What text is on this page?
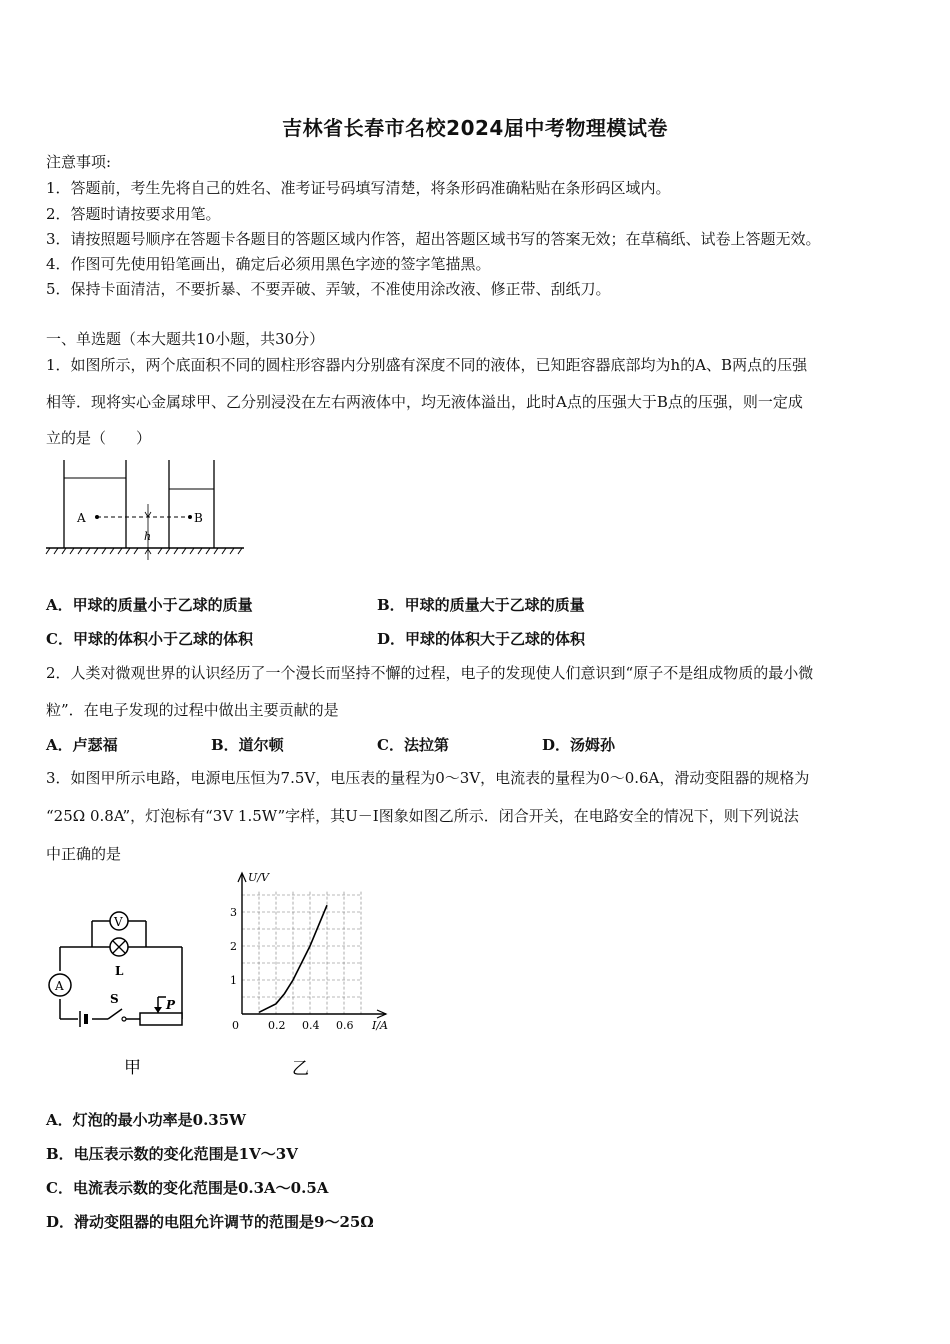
吉林省长春市名校2024届中考物理模试卷
注意事项:
1．答题前，考生先将自己的姓名、准考证号码填写清楚，将条形码准确粘贴在条形码区域内。
2．答题时请按要求用笔。
3．请按照题号顺序在答题卡各题目的答题区域内作答，超出答题区域书写的答案无效；在草稿纸、试卷上答题无效。
4．作图可先使用铅笔画出，确定后必须用黑色字迹的签字笔描黑。
5．保持卡面清洁，不要折暴、不要弄破、弄皱，不准使用涂改液、修正带、刮纸刀。
一、单选题（本大题共10小题，共30分）
1．如图所示，两个底面积不同的圆柱形容器内分别盛有深度不同的液体，已知距容器底部均为h的A、B两点的压强
相等．现将实心金属球甲、乙分别浸没在左右两液体中，均无液体溢出，此时A点的压强大于B点的压强，则一定成
立的是（　　）
A	B
h
A．甲球的质量小于乙球的质量	B．甲球的质量大于乙球的质量
C．甲球的体积小于乙球的体积	D．甲球的体积大于乙球的体积
2．人类对微观世界的认识经历了一个漫长而坚持不懈的过程，电子的发现使人们意识到“原子不是组成物质的最小微
粒”．在电子发现的过程中做出主要贡献的是
A．卢瑟福	B．道尔顿	C．法拉第	D．汤姆孙
3．如图甲所示电路，电源电压恒为7.5V，电压表的量程为0～3V，电流表的量程为0～0.6A，滑动变阻器的规格为
“25Ω 0.8A”，灯泡标有“3V 1.5W”字样，其U－I图象如图乙所示．闭合开关，在电路安全的情况下，则下列说法
中正确的是
V
L
A
S	P
甲
1
2
3
0	0.2 0.4 0.6
U/V
I/A
乙
A．灯泡的最小功率是0.35W
B．电压表示数的变化范围是1V～3V
C．电流表示数的变化范围是0.3A～0.5A
D．滑动变阻器的电阻允许调节的范围是9～25Ω
